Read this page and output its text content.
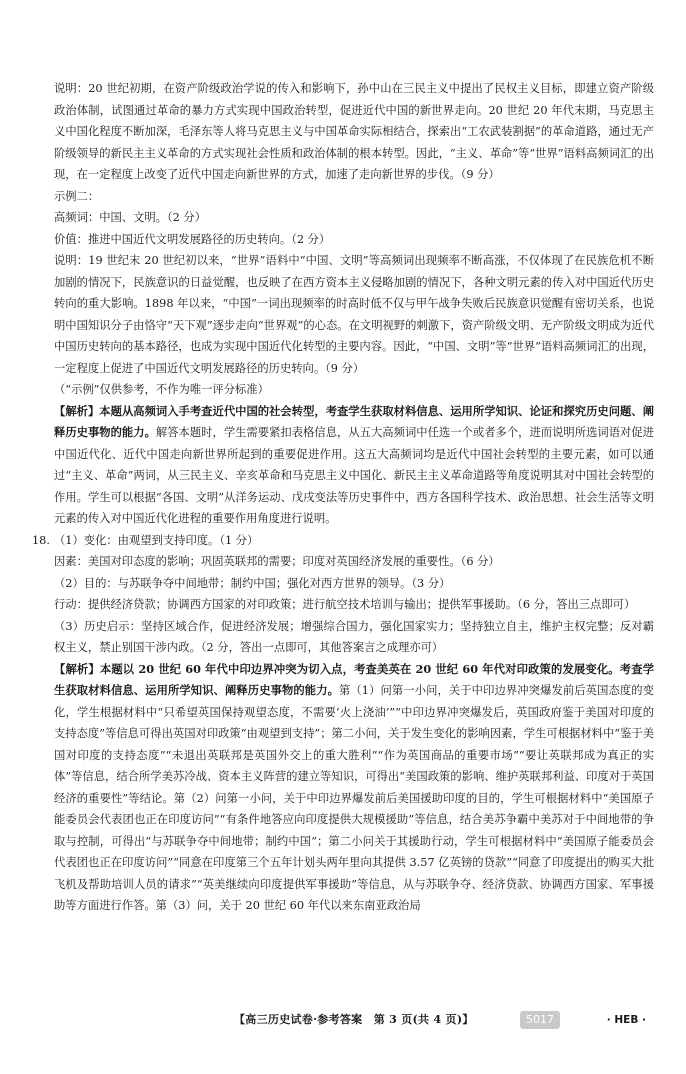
说明：20 世纪初期，在资产阶级政治学说的传入和影响下，孙中山在三民主义中提出了民权主义目标，即建立资产阶级政治体制，试图通过革命的暴力方式实现中国政治转型，促进近代中国的新世界走向。20 世纪 20 年代末期，马克思主义中国化程度不断加深，毛泽东等人将马克思主义与中国革命实际相结合，探索出“工农武装割据”的革命道路，通过无产阶级领导的新民主主义革命的方式实现社会性质和政治体制的根本转型。因此，“主义、革命”等“世界”语料高频词汇的出现，在一定程度上改变了近代中国走向新世界的方式，加速了走向新世界的步伐。（9 分）

示例二：

高频词：中国、文明。（2 分）

价值：推进中国近代文明发展路径的历史转向。（2 分）

说明：19 世纪末 20 世纪初以来，“世界”语料中“中国、文明”等高频词出现频率不断高涨，不仅体现了在民族危机不断加剧的情况下，民族意识的日益觉醒，也反映了在西方资本主义侵略加剧的情况下，各种文明元素的传入对中国近代历史转向的重大影响。1898 年以来，“中国”一词出现频率的时高时低不仅与甲午战争失败后民族意识觉醒有密切关系，也说明中国知识分子由恪守“天下观”逐步走向“世界观”的心态。在文明视野的刺激下，资产阶级文明、无产阶级文明成为近代中国历史转向的基本路径，也成为实现中国近代化转型的主要内容。因此，“中国、文明”等“世界”语料高频词汇的出现，一定程度上促进了中国近代文明发展路径的历史转向。（9 分）

（“示例”仅供参考，不作为唯一评分标准）

【解析】本题从高频词入手考查近代中国的社会转型，考查学生获取材料信息、运用所学知识、论证和探究历史问题、阐释历史事物的能力。解答本题时，学生需要紧扣表格信息，从五大高频词中任选一个或者多个，进而说明所选词语对促进中国近代化、近代中国走向新世界所起到的重要促进作用。这五大高频词均是近代中国社会转型的主要元素，如可以通过“主义、革命”两词，从三民主义、辛亥革命和马克思主义中国化、新民主主义革命道路等角度说明其对中国社会转型的作用。学生可以根据“各国、文明”从洋务运动、戊戌变法等历史事件中，西方各国科学技术、政治思想、社会生活等文明元素的传入对中国近代化进程的重要作用角度进行说明。

18. （1）变化：由观望到支持印度。（1 分）

因素：美国对印态度的影响；巩固英联邦的需要；印度对英国经济发展的重要性。（6 分）

（2）目的：与苏联争夺中间地带；制约中国；强化对西方世界的领导。（3 分）

行动：提供经济贷款；协调西方国家的对印政策；进行航空技术培训与输出；提供军事援助。（6 分，答出三点即可）

（3）历史启示：坚持区域合作，促进经济发展；增强综合国力，强化国家实力；坚持独立自主，维护主权完整；反对霸权主义，禁止别国干涉内政。（2 分，答出一点即可，其他答案言之成理亦可）

【解析】本题以 20 世纪 60 年代中印边界冲突为切入点，考查美英在 20 世纪 60 年代对印政策的发展变化。考查学生获取材料信息、运用所学知识、阐释历史事物的能力。第（1）问第一小问，关于中印边界冲突爆发前后英国态度的变化，学生根据材料中“只希望英国保持观望态度，不需要‘火上浇油’”“中印边界冲突爆发后，英国政府鉴于美国对印度的支持态度”等信息可得出英国对印政策“由观望到支持”；第二小问，关于发生变化的影响因素，学生可根据材料中“鉴于美国对印度的支持态度”“未退出英联邦是英国外交上的重大胜利”“作为英国商品的重要市场”“要让英联邦成为真正的实体”等信息，结合所学美苏冷战、资本主义阵营的建立等知识，可得出“美国政策的影响、维护英联邦利益、印度对于英国经济的重要性”等结论。第（2）问第一小问，关于中印边界爆发前后美国援助印度的目的，学生可根据材料中“美国原子能委员会代表团也正在印度访问”“有条件地答应向印度提供大规模援助”等信息，结合美苏争霸中美苏对于中间地带的争取与控制，可得出“与苏联争夺中间地带；制约中国”；第二小问关于其援助行动，学生可根据材料中“美国原子能委员会代表团也正在印度访问”“同意在印度第三个五年计划头两年里向其提供 3.57 亿英镑的贷款”“同意了印度提出的购买大批飞机及帮助培训人员的请求”“英美继续向印度提供军事援助”等信息，从与苏联争夺、经济贷款、协调西方国家、军事援助等方面进行作答。第（3）问，关于 20 世纪 60 年代以来东南亚政治局

【高三历史试卷·参考答案　第 3 页(共 4 页)】	5017	· HEB ·
